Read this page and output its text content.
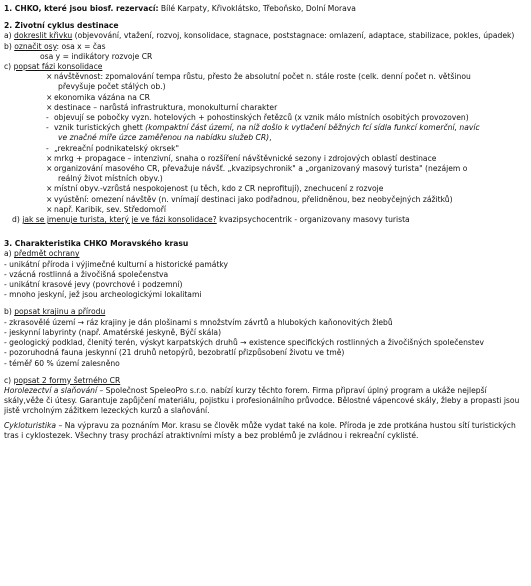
1. CHKO, které jsou biosf. rezervací: Bílé Karpaty, Křivoklátsko, Třeboňsko, Dolní Morava
2. Životní cyklus destinace
a) dokreslit křivku (objevování, vtažení, rozvoj, konsolidace, stagnace, poststagnace: omlazení, adaptace, stabilizace, pokles, úpadek)
b) označit osy: osa x = čas
osa y = indikátory rozvoje CR
c) popsat fázi konsolidace
× návštěvnost: zpomalování tempa růstu, přesto že absolutní počet n. stále roste (celk. denní počet n. většinou
převyšuje počet stálých ob.)
× ekonomika vázána na CR
× destinace – narůstá infrastruktura, monokulturní charakter
- objevují se pobočky vyzn. hotelových + pohostinských řetězců (x vznik málo místních osobitých provozoven)
- vznik turistických ghett (kompaktní část území, na níž došlo k vytlačení běžných fcí sídla funkcí komerční, navíc
ve značné míře úzce zaměřenou na nabídku služeb CR),
- „rekreační podnikatelský okrsek"
× mrkg + propagace – intenzivní, snaha o rozšíření návštěvnické sezony i zdrojových oblastí destinace
× organizování masového CR, převažuje návšť. „kvazipsychronik" a „organizovaný masový turista" (nezájem o
reálný život místních obyv.)
× místní obyv.-vzrůstá nespokojenost (u těch, kdo z CR neprofitují), znechucení z rozvoje
× vyústění: omezení návštěv (n. vnímají destinaci jako podřadnou, přelidněnou, bez neobyčejných zážitků)
× např. Karibik, sev. Středomoří
d) jak se jmenuje turista, který je ve fázi konsolidace? kvazipsychocentrik - organizovany masovy turista
3. Charakteristika CHKO Moravského krasu
a) předmět ochrany
- unikátní příroda i výjimečné kulturní a historické památky
- vzácná rostlinná a živočišná společenstva
- unikátní krasové jevy (povrchové i podzemní)
- mnoho jeskyní, jež jsou archeologickými lokalitami
b) popsat krajinu a přírodu
- zkrasovělé území → ráz krajiny je dán plošinami s množstvím závrtů a hlubokých kaňonovitých žlebů
- jeskynní labyrinty (např. Amatérské jeskyně, Býčí skála)
- geologický podklad, členitý terén, výskyt karpatských druhů → existence specifických rostlinných a živočišných společenstev
- pozoruhodná fauna jeskynní (21 druhů netopýrů, bezobratlí přizpůsobení životu ve tmě)
- téměř 60 % území zalesněno
c) popsat 2 formy šetrného CR
Horolezectví a slaňování – Společnost SpeleoPro s.r.o. nabízí kurzy těchto forem. Firma připraví úplný program a ukáže nejlepší skály,věže či útesy. Garantuje zapůjčení materiálu, pojistku i profesionálního průvodce. Bělostné vápencové skály, žleby a propasti jsou jistě vrcholným zážitkem lezeckých kurzů a slaňování.
Cykloturistika – Na výpravu za poznáním Mor. krasu se člověk může vydat také na kole. Příroda je zde protkána hustou sítí turistických tras i cyklostezek. Všechny trasy prochází atraktivními místy a bez problémů je zvládnou i rekreační cyklisté.
